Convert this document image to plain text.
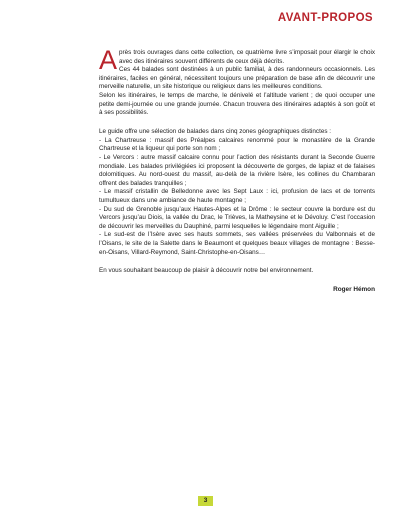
AVANT-PROPOS

Après trois ouvrages dans cette collection, ce quatrième livre s’imposait pour élargir le choix avec des itinéraires souvent différents de ceux déjà décrits.

Ces 44 balades sont destinées à un public familial, à des randonneurs occasionnels. Les itinéraires, faciles en général, nécessitent toujours une préparation de base afin de découvrir une merveille naturelle, un site historique ou religieux dans les meilleures conditions.

Selon les itinéraires, le temps de marche, le dénivelé et l’altitude varient ; de quoi occuper une petite demi-journée ou une grande journée. Chacun trouvera des itinéraires adaptés à son goût et à ses possibilités.

Le guide offre une sélection de balades dans cinq zones géographiques distinctes :

- La Chartreuse : massif des Préalpes calcaires renommé pour le monastère de la Grande Chartreuse et la liqueur qui porte son nom ;

- Le Vercors : autre massif calcaire connu pour l’action des résistants durant la Seconde Guerre mondiale. Les balades privilégiées ici proposent la découverte de gorges, de lapiaz et de falaises dolomitiques. Au nord-ouest du massif, au-delà de la rivière Isère, les collines du Chambaran offrent des balades tranquilles ;

- Le massif cristallin de Belledonne avec les Sept Laux : ici, profusion de lacs et de torrents tumultueux dans une ambiance de haute montagne ;

- Du sud de Grenoble jusqu’aux Hautes-Alpes et la Drôme : le secteur couvre la bordure est du Vercors jusqu’au Diois, la vallée du Drac, le Trièves, la Matheysine et le Dévoluy. C’est l’occasion de découvrir les merveilles du Dauphiné, parmi lesquelles le légendaire mont Aiguille ;

- Le sud-est de l’Isère avec ses hauts sommets, ses vallées préservées du Valbonnais et de l’Oisans, le site de la Salette dans le Beaumont et quelques beaux villages de montagne : Besse-en-Oisans, Villard-Reymond, Saint-Christophe-en-Oisans…

En vous souhaitant beaucoup de plaisir à découvrir notre bel environnement.

Roger Hémon

3
